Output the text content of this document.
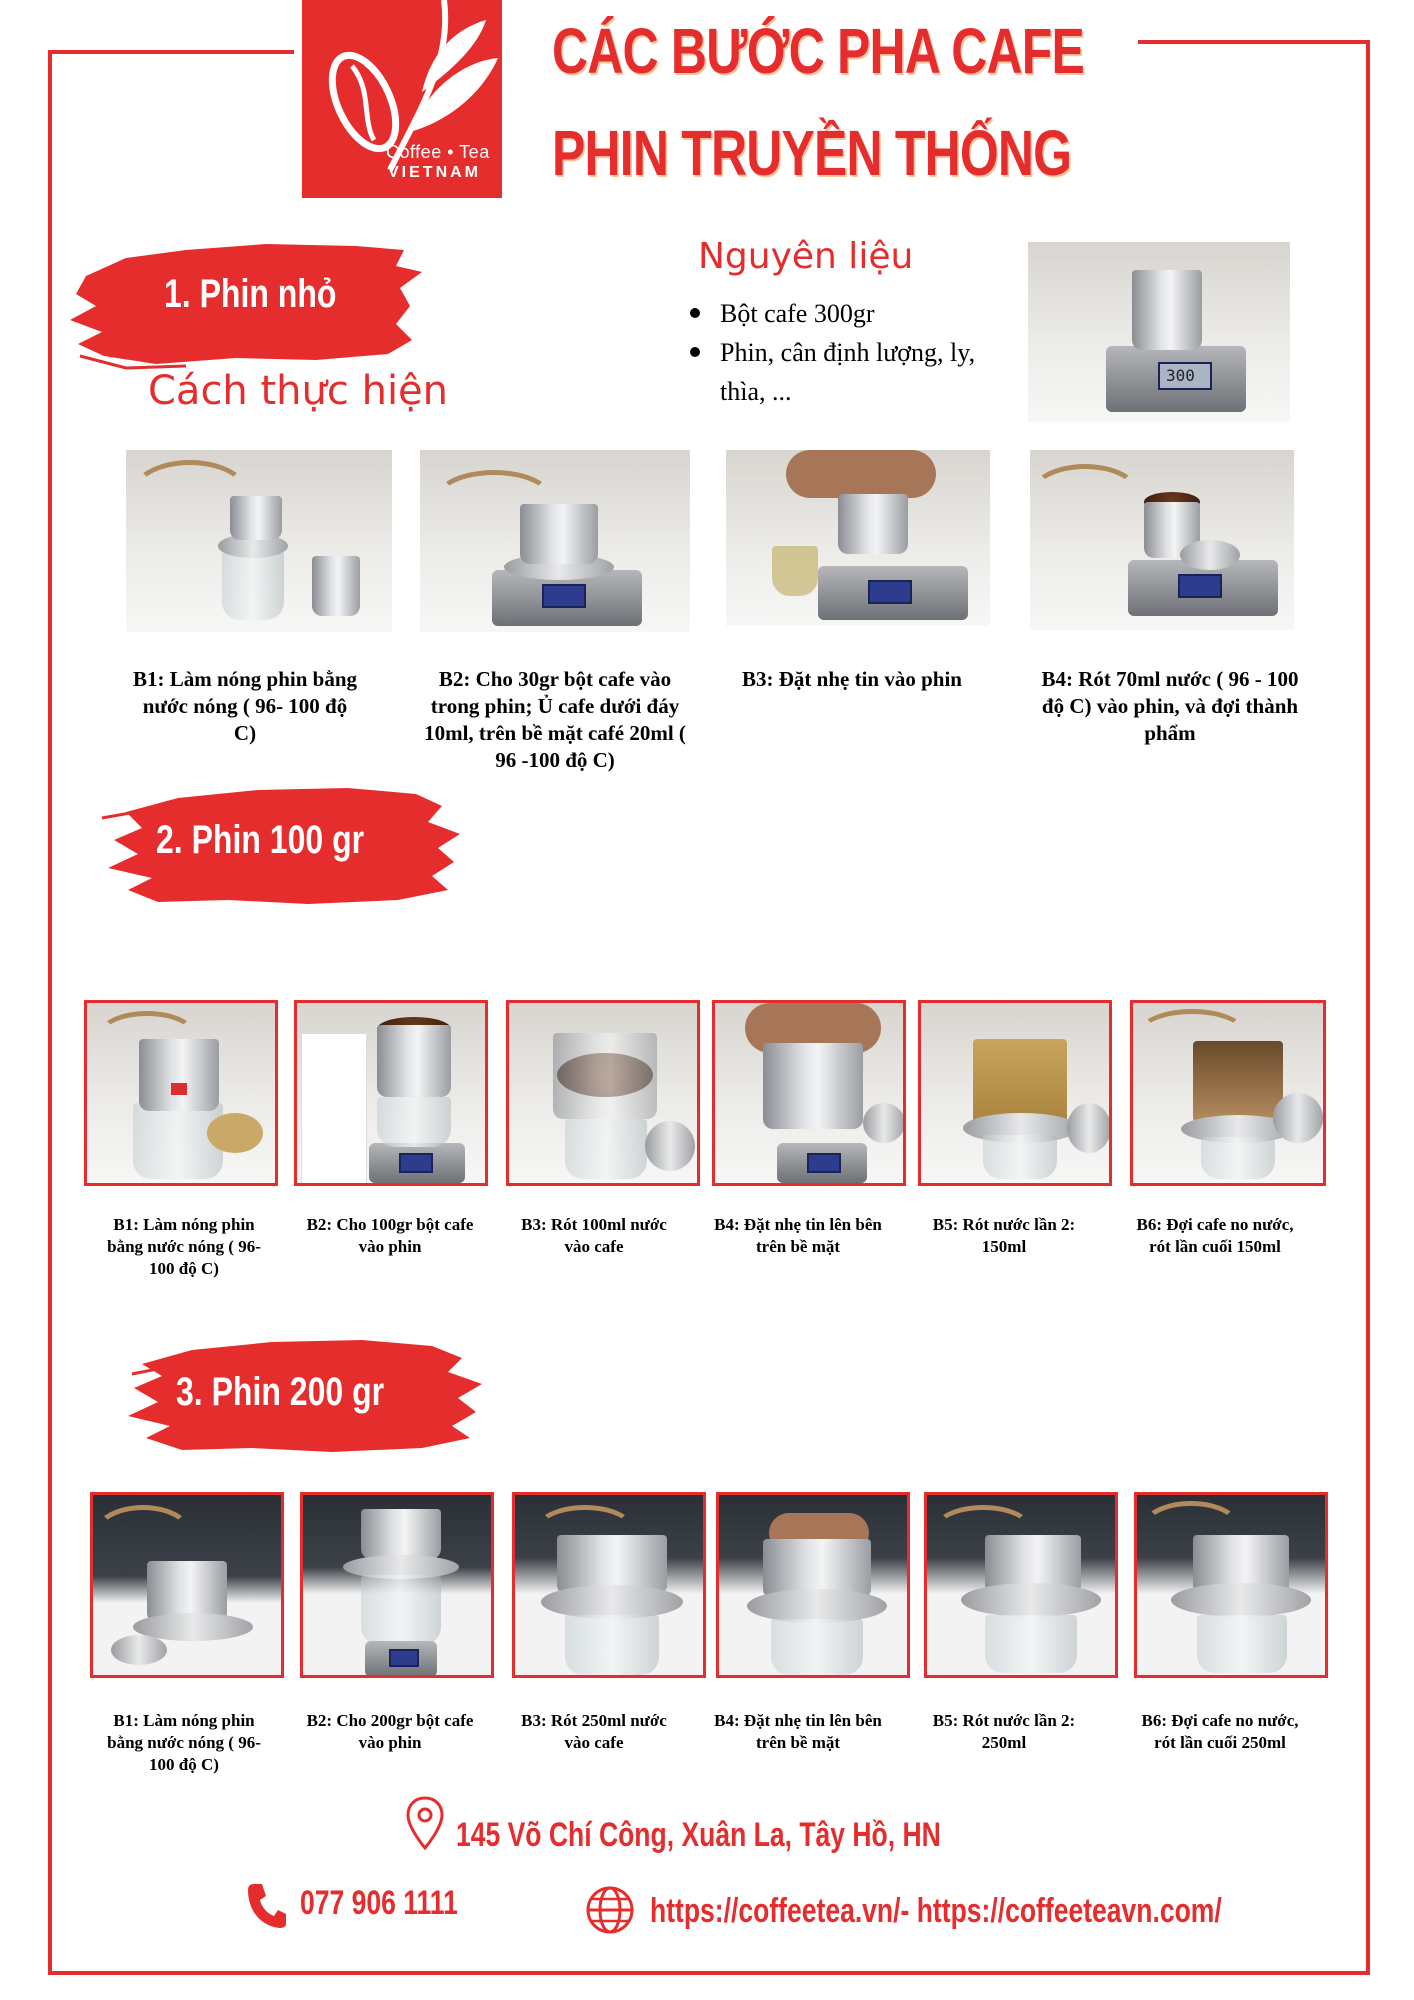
Coffee • Tea
VIETNAM
CÁC BƯỚC PHA CAFE
PHIN TRUYỀN THỐNG
1. Phin nhỏ
Cách thực hiện
Nguyên liệu
Bột cafe 300gr
Phin, cân định lượng, ly, thìa, ...
300
B1: Làm nóng phin bằng nước nóng ( 96- 100 độ C)
B2: Cho 30gr bột cafe vào trong phin; Ủ cafe dưới đáy 10ml, trên bề mặt café 20ml ( 96 -100 độ C)
B3: Đặt nhẹ tin vào phin	B4: Rót 70ml nước ( 96 - 100 độ C) vào phin, và đợi thành phẩm
2. Phin 100 gr
B1: Làm nóng phin bằng nước nóng ( 96-100 độ C)
B2: Cho 100gr bột cafe vào phin
B3: Rót 100ml nước vào cafe
B4: Đặt nhẹ tin lên bên trên bề mặt
B5: Rót nước lần 2: 150ml
B6: Đợi cafe no nước, rót lần cuối 150ml
3. Phin 200 gr
B1: Làm nóng phin bằng nước nóng ( 96-100 độ C)
B2: Cho 200gr bột cafe vào phin
B3: Rót 250ml nước vào cafe
B4: Đặt nhẹ tin lên bên trên bề mặt
B5: Rót nước lần 2: 250ml
B6: Đợi cafe no nước, rót lần cuối 250ml
145 Võ Chí Công, Xuân La, Tây Hồ, HN
077 906 1111	https://coffeetea.vn/- https://coffeeteavn.com/
